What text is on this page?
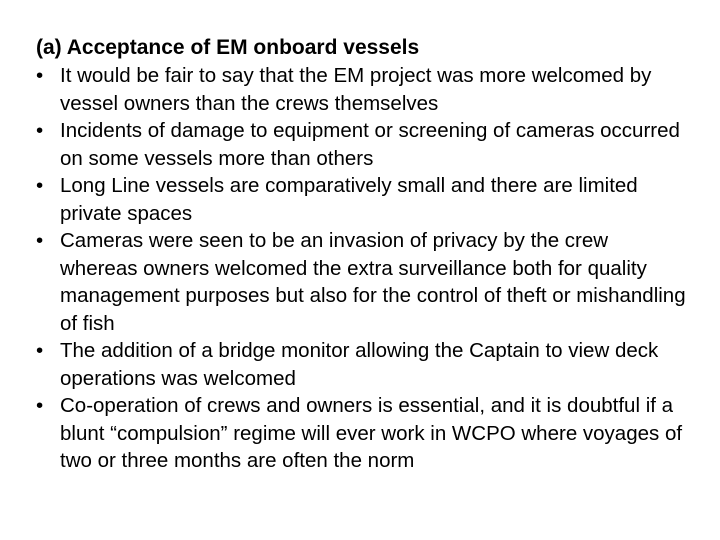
(a) Acceptance of EM onboard vessels
• It would be fair to say that the EM project was more welcomed by vessel owners than the crews themselves
• Incidents of damage to equipment or screening of cameras occurred on some vessels more than others
• Long Line vessels are comparatively small and there are limited private spaces
• Cameras were seen to be an invasion of privacy by the crew whereas owners welcomed the extra surveillance both for quality management purposes but also for the control of theft or mishandling of fish
• The addition of a bridge monitor allowing the Captain to view deck operations was welcomed
• Co-operation of crews and owners is essential, and it is doubtful if a blunt “compulsion” regime will ever work in WCPO where voyages of two or three months are often the norm
